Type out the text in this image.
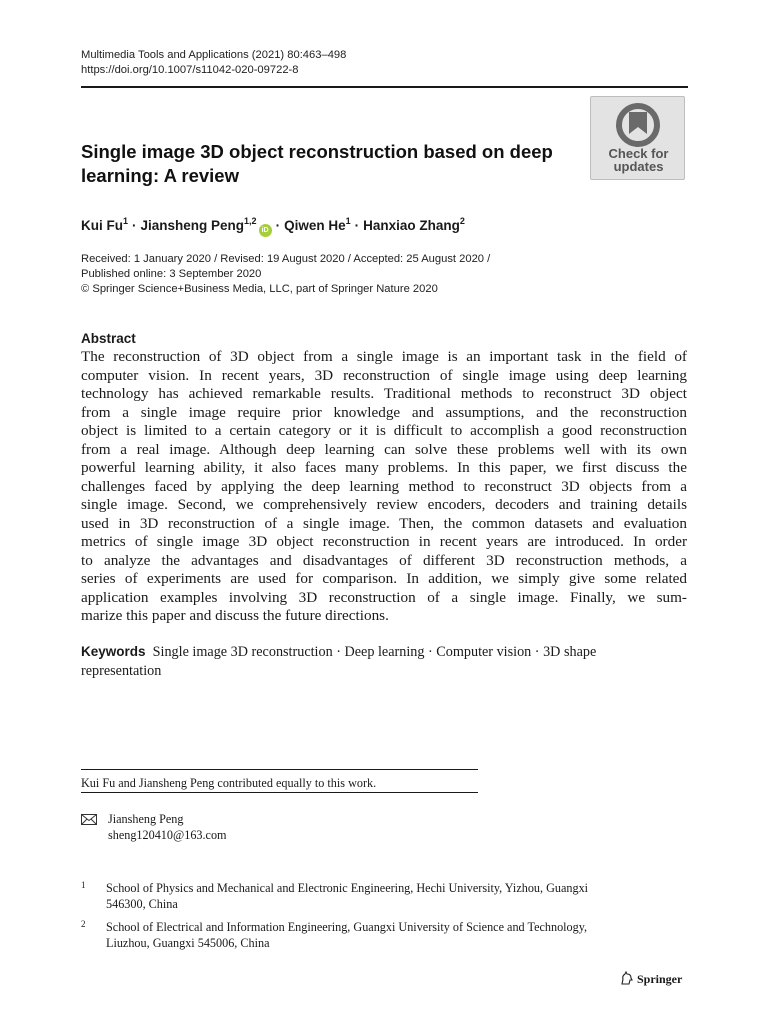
Multimedia Tools and Applications (2021) 80:463–498
https://doi.org/10.1007/s11042-020-09722-8
Check for
updates
Single image 3D object reconstruction based on deep
learning: A review
Kui $Fu^1$ · Jiansheng Peng$^{1,2}$iD · Qiwen $He^1$ · Hanxiao Zhang$^2$
Received: 1 January 2020 / Revised: 19 August 2020 / Accepted: 25 August 2020 /
Published online: 3 September 2020
© Springer Science+Business Media, LLC, part of Springer Nature 2020
Abstract
The reconstruction of 3D object from a single image is an important task in the field of
computer vision. In recent years, 3D reconstruction of single image using deep learning
technology has achieved remarkable results. Traditional methods to reconstruct 3D object
from a single image require prior knowledge and assumptions, and the reconstruction
object is limited to a certain category or it is difficult to accomplish a good reconstruction
from a real image. Although deep learning can solve these problems well with its own
powerful learning ability, it also faces many problems. In this paper, we first discuss the
challenges faced by applying the deep learning method to reconstruct 3D objects from a
single image. Second, we comprehensively review encoders, decoders and training details
used in 3D reconstruction of a single image. Then, the common datasets and evaluation
metrics of single image 3D object reconstruction in recent years are introduced. In order
to analyze the advantages and disadvantages of different 3D reconstruction methods, a
series of experiments are used for comparison. In addition, we simply give some related
application examples involving 3D reconstruction of a single image. Finally, we sum-
marize this paper and discuss the future directions.
Keywords Single image 3D reconstruction · Deep learning · Computer vision · 3D shape
representation
Kui Fu and Jiansheng Peng contributed equally to this work.
Jiansheng Peng
sheng120410@163.com
1 School of Physics and Mechanical and Electronic Engineering, Hechi University, Yizhou, Guangxi
546300, China
2 School of Electrical and Information Engineering, Guangxi University of Science and Technology,
Liuzhou, Guangxi 545006, China
Springer
